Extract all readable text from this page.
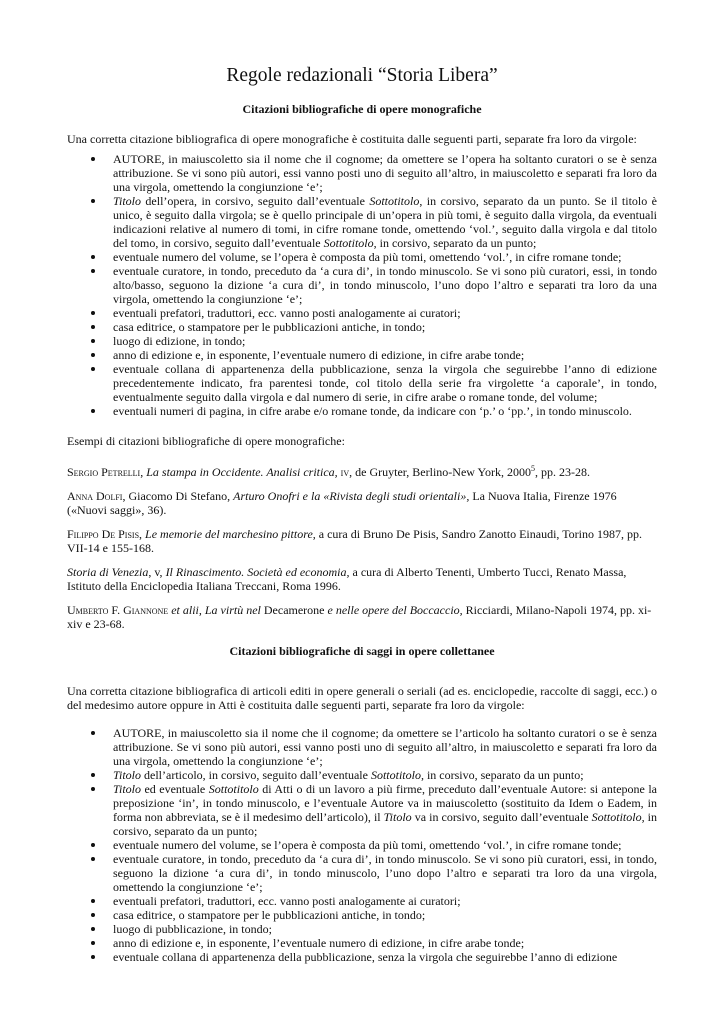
Regole redazionali “Storia Libera”
Citazioni bibliografiche di opere monografiche

Una corretta citazione bibliografica di opere monografiche è costituita dalle seguenti parti, separate fra loro da virgole:

AUTORE, in maiuscoletto sia il nome che il cognome; da omettere se l’opera ha soltanto curatori o se è senza attribuzione. Se vi sono più autori, essi vanno posti uno di seguito all’altro, in maiuscoletto e separati fra loro da una virgola, omettendo la congiunzione ‘e’;
Titolo dell’opera, in corsivo, seguito dall’eventuale Sottotitolo, in corsivo, separato da un punto. Se il titolo è unico, è seguito dalla virgola; se è quello principale di un’opera in più tomi, è seguito dalla virgola, da eventuali indicazioni relative al numero di tomi, in cifre romane tonde, omettendo ‘vol.’, seguito dalla virgola e dal titolo del tomo, in corsivo, seguito dall’eventuale Sottotitolo, in corsivo, separato da un punto;
eventuale numero del volume, se l’opera è composta da più tomi, omettendo ‘vol.’, in cifre romane tonde;
eventuale curatore, in tondo, preceduto da ‘a cura di’, in tondo minuscolo. Se vi sono più curatori, essi, in tondo alto/basso, seguono la dizione ‘a cura di’, in tondo minuscolo, l’uno dopo l’altro e separati tra loro da una virgola, omettendo la congiunzione ‘e’;
eventuali prefatori, traduttori, ecc. vanno posti analogamente ai curatori;
casa editrice, o stampatore per le pubblicazioni antiche, in tondo;
luogo di edizione, in tondo;
anno di edizione e, in esponente, l’eventuale numero di edizione, in cifre arabe tonde;
eventuale collana di appartenenza della pubblicazione, senza la virgola che seguirebbe l’anno di edizione precedentemente indicato, fra parentesi tonde, col titolo della serie fra virgolette ‘a caporale’, in tondo, eventualmente seguito dalla virgola e dal numero di serie, in cifre arabe o romane tonde, del volume;
eventuali numeri di pagina, in cifre arabe e/o romane tonde, da indicare con ‘p.’ o ‘pp.’, in tondo minuscolo.

Esempi di citazioni bibliografiche di opere monografiche:

Sergio Petrelli, La stampa in Occidente. Analisi critica, iv, de Gruyter, Berlino-New York, 2000$^5$, pp. 23-28.

Anna Dolfi, Giacomo Di Stefano, Arturo Onofri e la «Rivista degli studi orientali», La Nuova Italia, Firenze 1976 («Nuovi saggi», 36).

Filippo De Pisis, Le memorie del marchesino pittore, a cura di Bruno De Pisis, Sandro Zanotto Einaudi, Torino 1987, pp. VII-14 e 155-168.

Storia di Venezia, v, Il Rinascimento. Società ed economia, a cura di Alberto Tenenti, Umberto Tucci, Renato Massa, Istituto della Enciclopedia Italiana Treccani, Roma 1996.

Umberto F. Giannone et alii, La virtù nel Decamerone e nelle opere del Boccaccio, Ricciardi, Milano-Napoli 1974, pp. xi-xiv e 23-68.

Citazioni bibliografiche di saggi in opere collettanee

Una corretta citazione bibliografica di articoli editi in opere generali o seriali (ad es. enciclopedie, raccolte di saggi, ecc.) o del medesimo autore oppure in Atti è costituita dalle seguenti parti, separate fra loro da virgole:

AUTORE, in maiuscoletto sia il nome che il cognome; da omettere se l’articolo ha soltanto curatori o se è senza attribuzione. Se vi sono più autori, essi vanno posti uno di seguito all’altro, in maiuscoletto e separati fra loro da una virgola, omettendo la congiunzione ‘e’;
Titolo dell’articolo, in corsivo, seguito dall’eventuale Sottotitolo, in corsivo, separato da un punto;
Titolo ed eventuale Sottotitolo di Atti o di un lavoro a più firme, preceduto dall’eventuale Autore: si antepone la preposizione ‘in’, in tondo minuscolo, e l’eventuale Autore va in maiuscoletto (sostituito da Idem o Eadem, in forma non abbreviata, se è il medesimo dell’articolo), il Titolo va in corsivo, seguito dall’eventuale Sottotitolo, in corsivo, separato da un punto;
eventuale numero del volume, se l’opera è composta da più tomi, omettendo ‘vol.’, in cifre romane tonde;
eventuale curatore, in tondo, preceduto da ‘a cura di’, in tondo minuscolo. Se vi sono più curatori, essi, in tondo, seguono la dizione ‘a cura di’, in tondo minuscolo, l’uno dopo l’altro e separati tra loro da una virgola, omettendo la congiunzione ‘e’;
eventuali prefatori, traduttori, ecc. vanno posti analogamente ai curatori;
casa editrice, o stampatore per le pubblicazioni antiche, in tondo;
luogo di pubblicazione, in tondo;
anno di edizione e, in esponente, l’eventuale numero di edizione, in cifre arabe tonde;
eventuale collana di appartenenza della pubblicazione, senza la virgola che seguirebbe l’anno di edizione
